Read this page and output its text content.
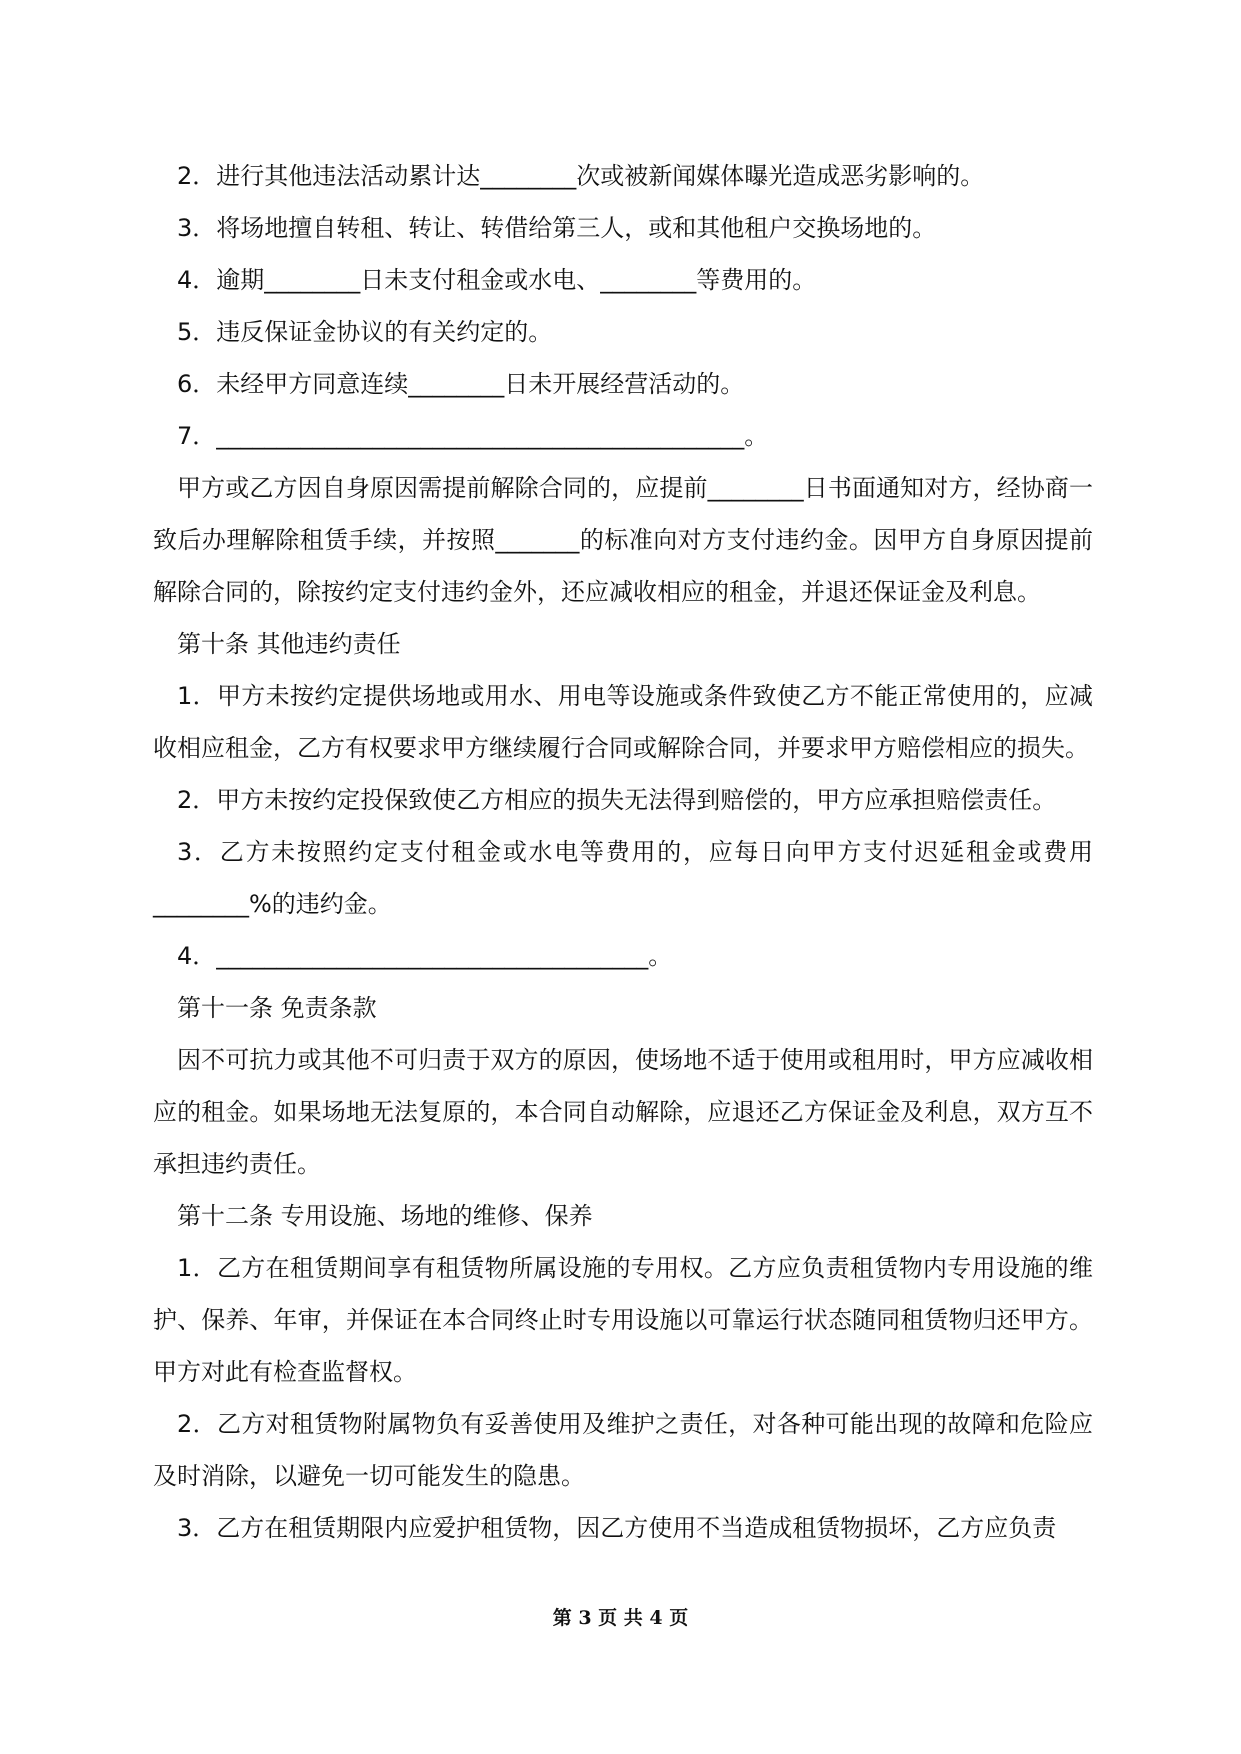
2．进行其他违法活动累计达________次或被新闻媒体曝光造成恶劣影响的。

3．将场地擅自转租、转让、转借给第三人，或和其他租户交换场地的。

4．逾期________日未支付租金或水电、________等费用的。

5．违反保证金协议的有关约定的。

6．未经甲方同意连续________日未开展经营活动的。

7．____________________________________________。

甲方或乙方因自身原因需提前解除合同的，应提前________日书面通知对方，经协商一致后办理解除租赁手续，并按照_______的标准向对方支付违约金。因甲方自身原因提前解除合同的，除按约定支付违约金外，还应减收相应的租金，并退还保证金及利息。

第十条 其他违约责任

1．甲方未按约定提供场地或用水、用电等设施或条件致使乙方不能正常使用的，应减收相应租金，乙方有权要求甲方继续履行合同或解除合同，并要求甲方赔偿相应的损失。

2．甲方未按约定投保致使乙方相应的损失无法得到赔偿的，甲方应承担赔偿责任。

3．乙方未按照约定支付租金或水电等费用的，应每日向甲方支付迟延租金或费用________%的违约金。

4．____________________________________。

第十一条 免责条款

因不可抗力或其他不可归责于双方的原因，使场地不适于使用或租用时，甲方应减收相应的租金。如果场地无法复原的，本合同自动解除，应退还乙方保证金及利息，双方互不承担违约责任。

第十二条 专用设施、场地的维修、保养

1．乙方在租赁期间享有租赁物所属设施的专用权。乙方应负责租赁物内专用设施的维护、保养、年审，并保证在本合同终止时专用设施以可靠运行状态随同租赁物归还甲方。甲方对此有检查监督权。

2．乙方对租赁物附属物负有妥善使用及维护之责任，对各种可能出现的故障和危险应及时消除，以避免一切可能发生的隐患。

3．乙方在租赁期限内应爱护租赁物，因乙方使用不当造成租赁物损坏，乙方应负责

第 3 页 共 4 页
